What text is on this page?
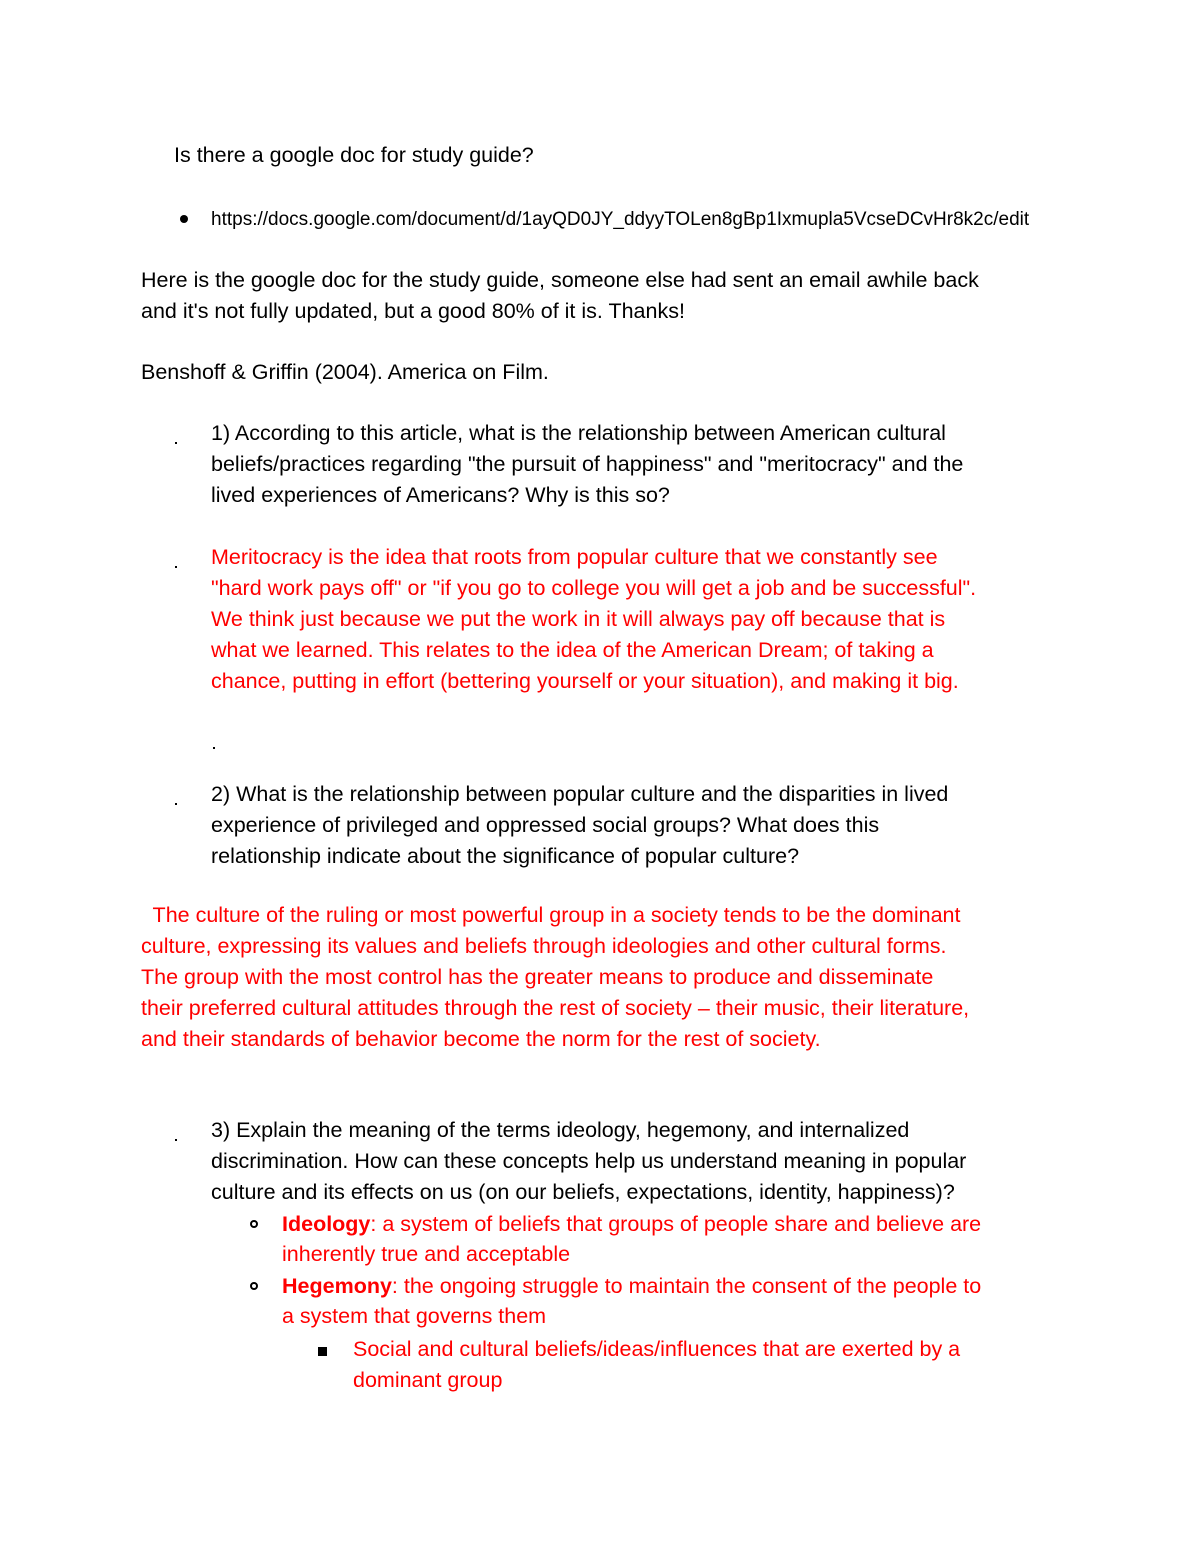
Is there a google doc for study guide?
https://docs.google.com/document/d/1ayQD0JY_ddyyTOLen8gBp1Ixmupla5VcseDCvHr8k2c/edit
Here is the google doc for the study guide, someone else had sent an email awhile back
and it's not fully updated, but a good 80% of it is. Thanks!
Benshoff & Griffin (2004). America on Film.
1) According to this article, what is the relationship between American cultural
beliefs/practices regarding "the pursuit of happiness" and "meritocracy" and the
lived experiences of Americans? Why is this so?
Meritocracy is the idea that roots from popular culture that we constantly see
"hard work pays off" or "if you go to college you will get a job and be successful".
We think just because we put the work in it will always pay off because that is
what we learned. This relates to the idea of the American Dream; of taking a
chance, putting in effort (bettering yourself or your situation), and making it big.
2) What is the relationship between popular culture and the disparities in lived
experience of privileged and oppressed social groups? What does this
relationship indicate about the significance of popular culture?
The culture of the ruling or most powerful group in a society tends to be the dominant
culture, expressing its values and beliefs through ideologies and other cultural forms.
The group with the most control has the greater means to produce and disseminate
their preferred cultural attitudes through the rest of society – their music, their literature,
and their standards of behavior become the norm for the rest of society.
3) Explain the meaning of the terms ideology, hegemony, and internalized
discrimination. How can these concepts help us understand meaning in popular
culture and its effects on us (on our beliefs, expectations, identity, happiness)?
Ideology: a system of beliefs that groups of people share and believe are
inherently true and acceptable
Hegemony: the ongoing struggle to maintain the consent of the people to
a system that governs them
Social and cultural beliefs/ideas/influences that are exerted by a
dominant group
